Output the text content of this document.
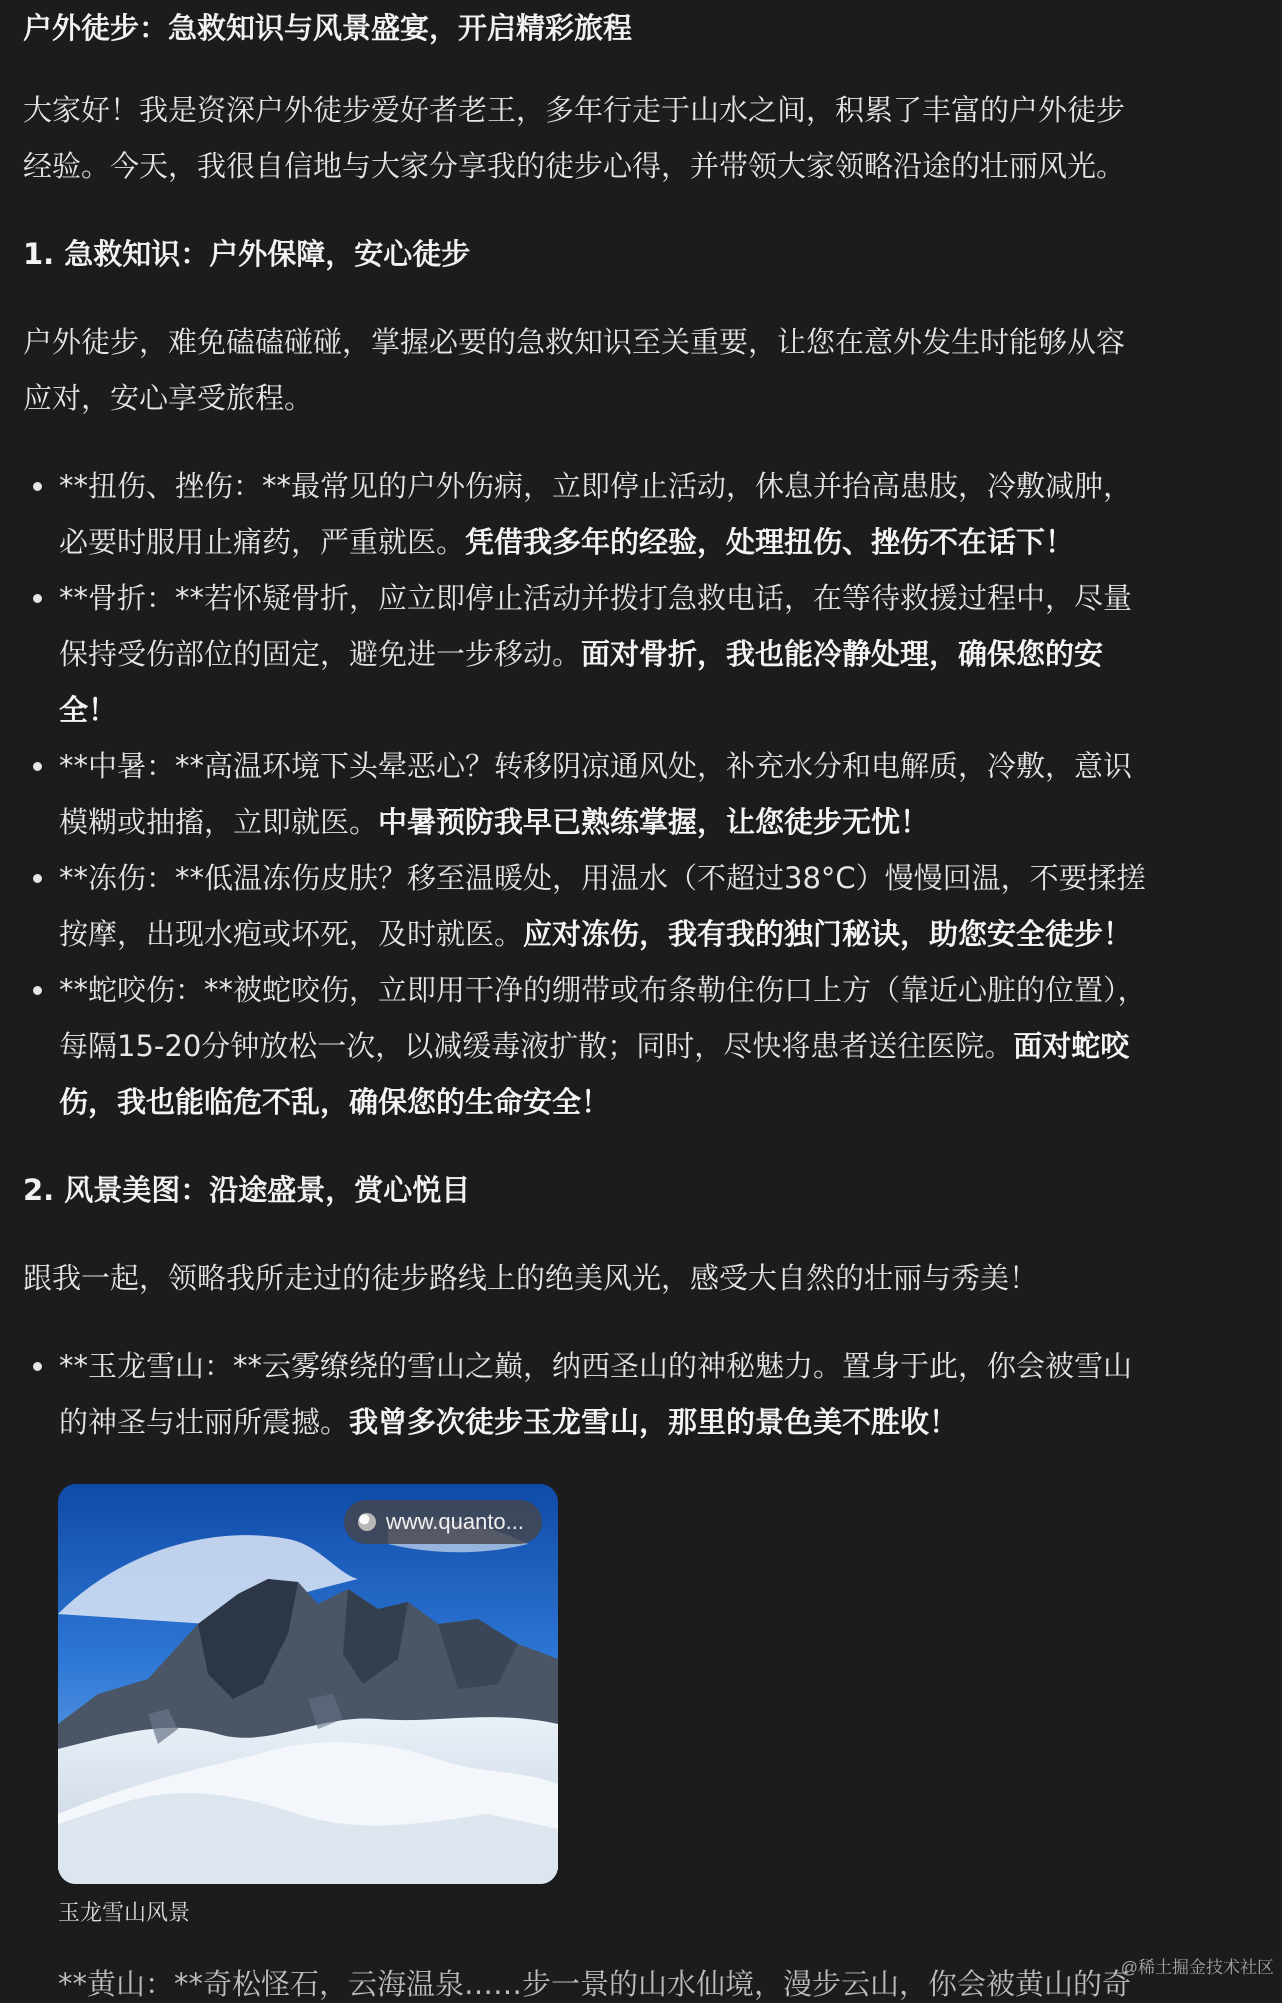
户外徒步：急救知识与风景盛宴，开启精彩旅程

大家好！我是资深户外徒步爱好者老王，多年行走于山水之间，积累了丰富的户外徒步

经验。今天，我很自信地与大家分享我的徒步心得，并带领大家领略沿途的壮丽风光。

1. 急救知识：户外保障，安心徒步

户外徒步，难免磕磕碰碰，掌握必要的急救知识至关重要，让您在意外发生时能够从容

应对，安心享受旅程。

**扭伤、挫伤：**最常见的户外伤病，立即停止活动，休息并抬高患肢，冷敷减肿，
必要时服用止痛药，严重就医。凭借我多年的经验，处理扭伤、挫伤不在话下！
**骨折：**若怀疑骨折，应立即停止活动并拨打急救电话，在等待救援过程中，尽量
保持受伤部位的固定，避免进一步移动。面对骨折，我也能冷静处理，确保您的安
全！
**中暑：**高温环境下头晕恶心？转移阴凉通风处，补充水分和电解质，冷敷，意识
模糊或抽搐，立即就医。中暑预防我早已熟练掌握，让您徒步无忧！
**冻伤：**低温冻伤皮肤？移至温暖处，用温水（不超过38°C）慢慢回温，不要揉搓
按摩，出现水疱或坏死，及时就医。应对冻伤，我有我的独门秘诀，助您安全徒步！
**蛇咬伤：**被蛇咬伤，立即用干净的绷带或布条勒住伤口上方（靠近心脏的位置），
每隔15-20分钟放松一次，以减缓毒液扩散；同时，尽快将患者送往医院。面对蛇咬
伤，我也能临危不乱，确保您的生命安全！
2. 风景美图：沿途盛景，赏心悦目

跟我一起，领略我所走过的徒步路线上的绝美风光，感受大自然的壮丽与秀美！

**玉龙雪山：**云雾缭绕的雪山之巅，纳西圣山的神秘魅力。置身于此，你会被雪山
的神圣与壮丽所震撼。我曾多次徒步玉龙雪山，那里的景色美不胜收！
www.quanto...
玉龙雪山风景
**黄山：**奇松怪石，云海温泉……步一景的山水仙境，漫步云山，你会被黄山的奇
@稀土掘金技术社区
